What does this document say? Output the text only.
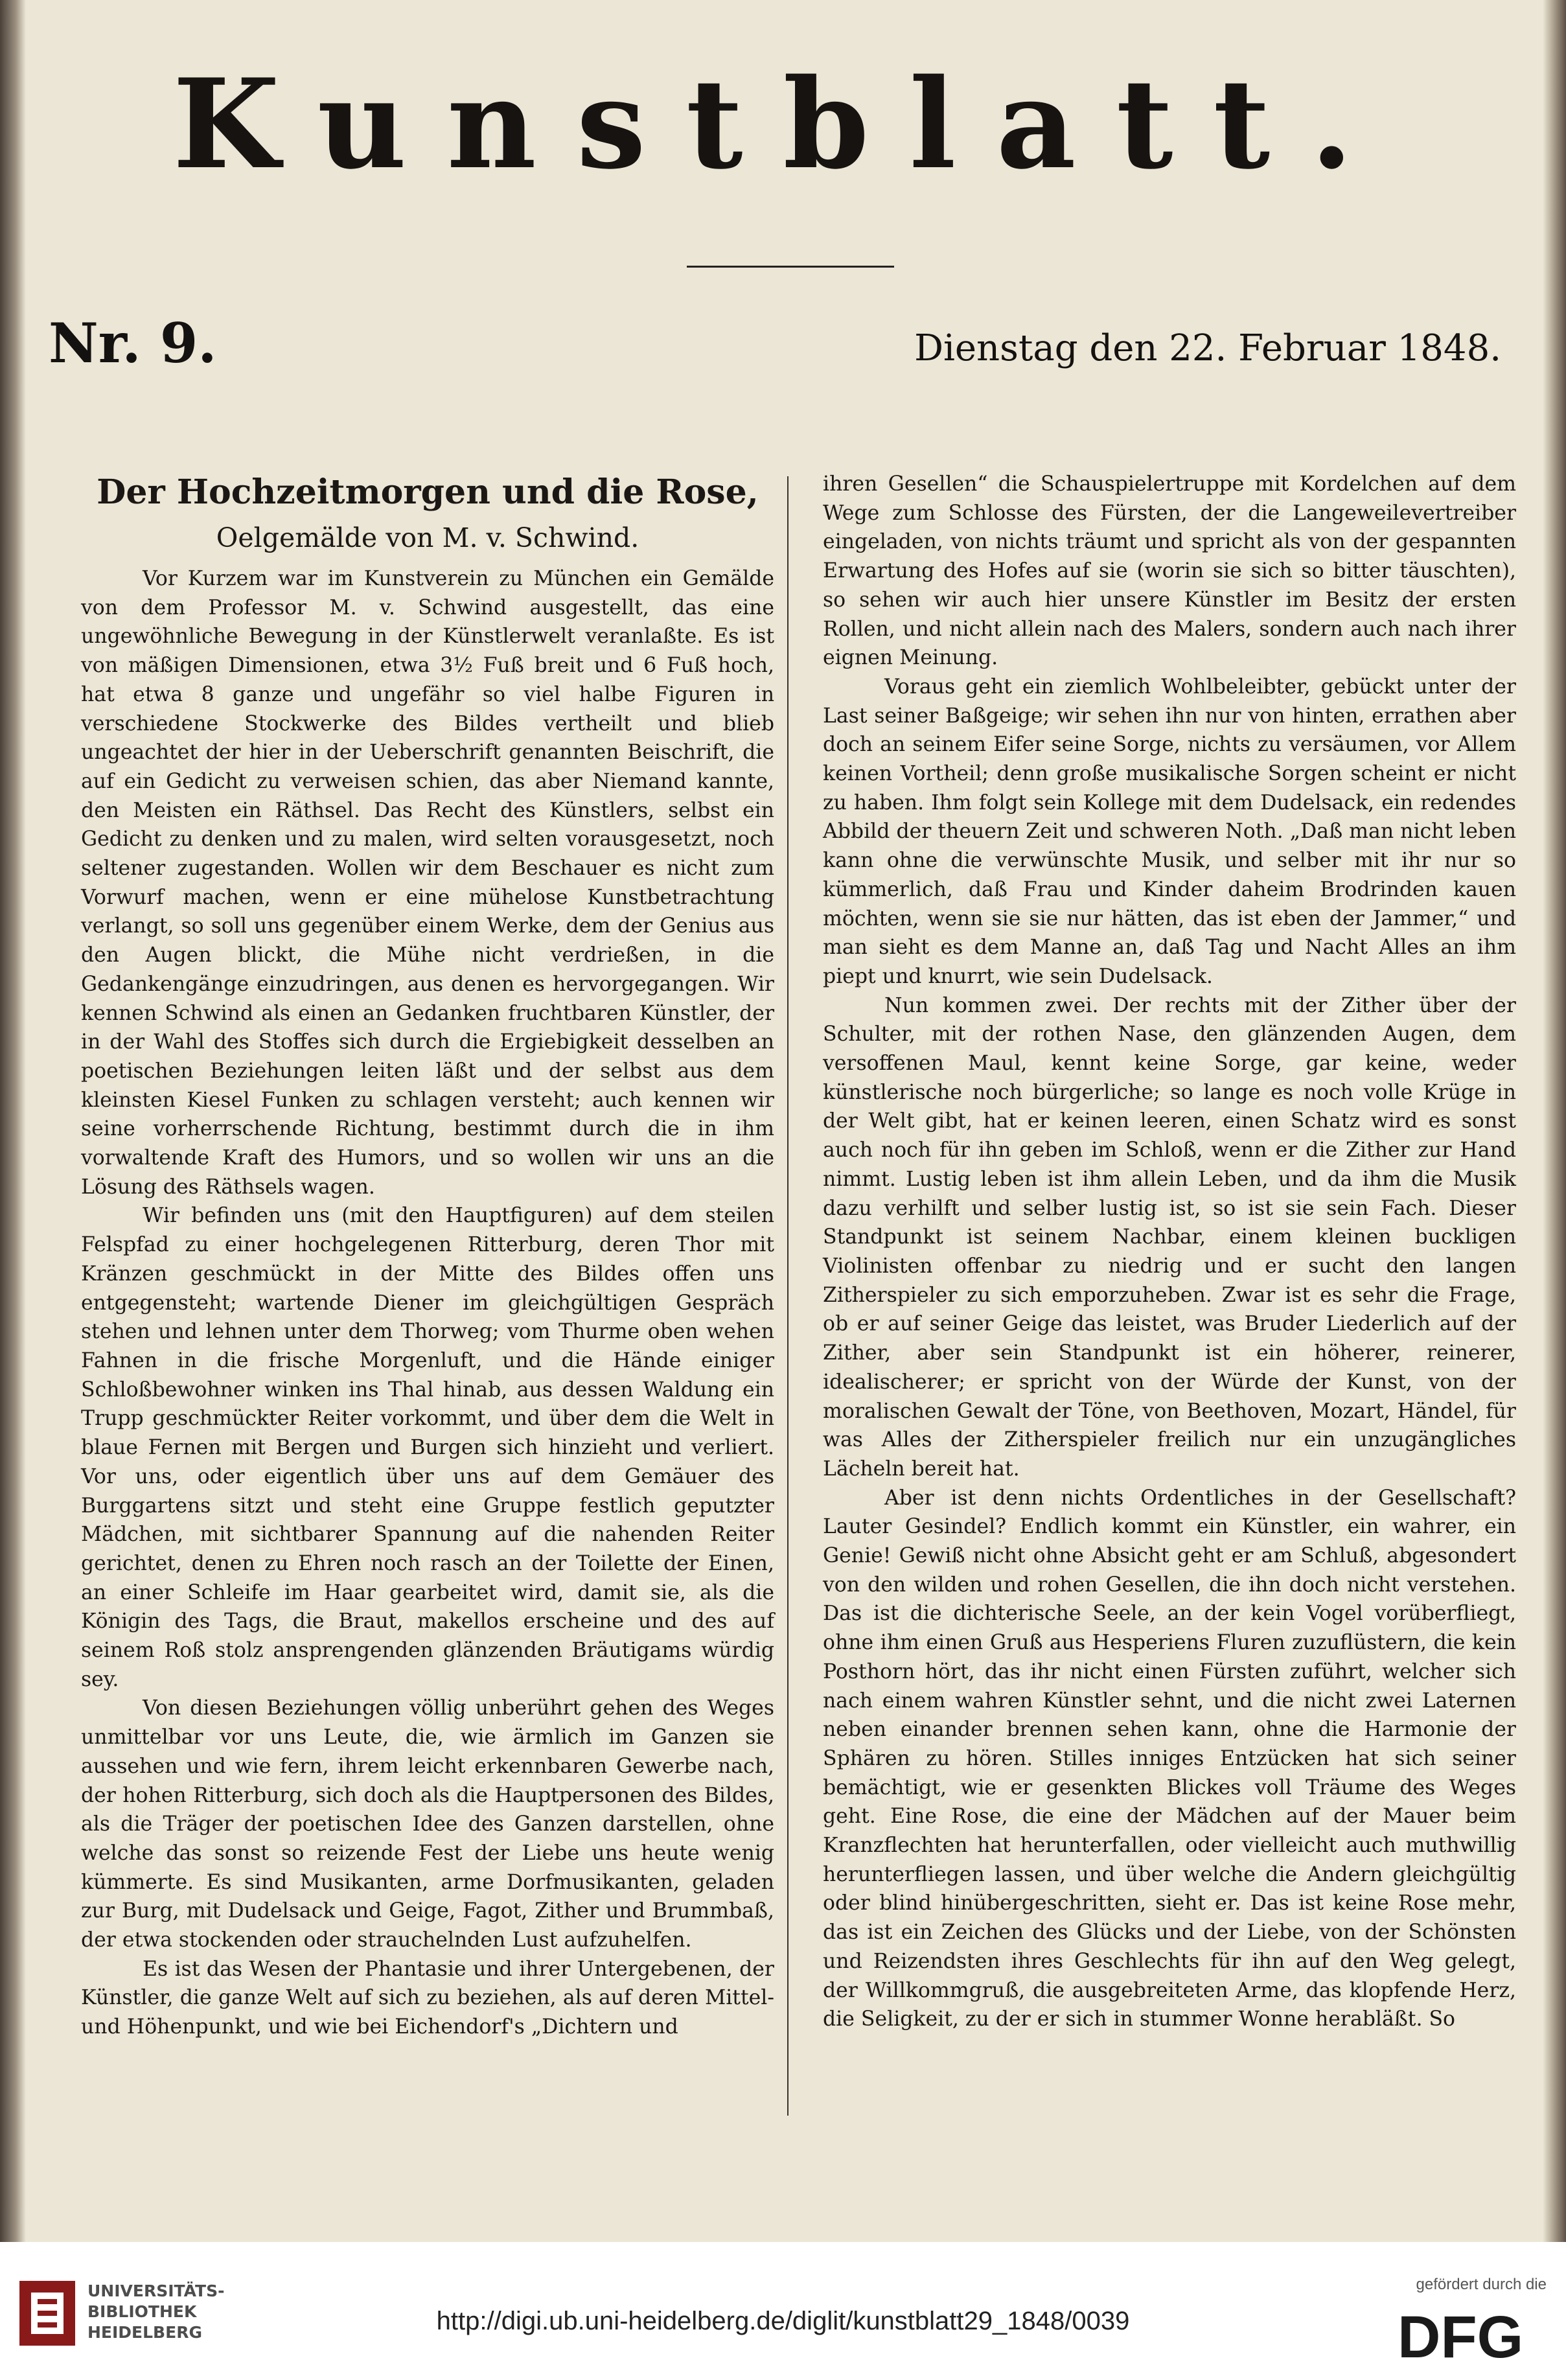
Kunstblatt.
Nr. 9.	Dienstag den 22. Februar 1848.
Der Hochzeitmorgen und die Rose,
Oelgemälde von M. v. Schwind.

Vor Kurzem war im Kunstverein zu München ein Gemälde von dem Professor M. v. Schwind ausgestellt, das eine ungewöhnliche Bewegung in der Künstlerwelt veranlaßte. Es ist von mäßigen Dimensionen, etwa 3½ Fuß breit und 6 Fuß hoch, hat etwa 8 ganze und ungefähr so viel halbe Figuren in verschiedene Stockwerke des Bildes vertheilt und blieb ungeachtet der hier in der Ueberschrift genannten Beischrift, die auf ein Gedicht zu verweisen schien, das aber Niemand kannte, den Meisten ein Räthsel. Das Recht des Künstlers, selbst ein Gedicht zu denken und zu malen, wird selten vorausgesetzt, noch seltener zugestanden. Wollen wir dem Beschauer es nicht zum Vorwurf machen, wenn er eine mühelose Kunstbetrachtung verlangt, so soll uns gegenüber einem Werke, dem der Genius aus den Augen blickt, die Mühe nicht verdrießen, in die Gedankengänge einzudringen, aus denen es hervorgegangen. Wir kennen Schwind als einen an Gedanken fruchtbaren Künstler, der in der Wahl des Stoffes sich durch die Ergiebigkeit desselben an poetischen Beziehungen leiten läßt und der selbst aus dem kleinsten Kiesel Funken zu schlagen versteht; auch kennen wir seine vorherrschende Richtung, bestimmt durch die in ihm vorwaltende Kraft des Humors, und so wollen wir uns an die Lösung des Räthsels wagen.

Wir befinden uns (mit den Hauptfiguren) auf dem steilen Felspfad zu einer hochgelegenen Ritterburg, deren Thor mit Kränzen geschmückt in der Mitte des Bildes offen uns entgegensteht; wartende Diener im gleichgültigen Gespräch stehen und lehnen unter dem Thorweg; vom Thurme oben wehen Fahnen in die frische Morgenluft, und die Hände einiger Schloßbewohner winken ins Thal hinab, aus dessen Waldung ein Trupp geschmückter Reiter vorkommt, und über dem die Welt in blaue Fernen mit Bergen und Burgen sich hinzieht und verliert. Vor uns, oder eigentlich über uns auf dem Gemäuer des Burggartens sitzt und steht eine Gruppe festlich geputzter Mädchen, mit sichtbarer Spannung auf die nahenden Reiter gerichtet, denen zu Ehren noch rasch an der Toilette der Einen, an einer Schleife im Haar gearbeitet wird, damit sie, als die Königin des Tags, die Braut, makellos erscheine und des auf seinem Roß stolz ansprengenden glänzenden Bräutigams würdig sey.

Von diesen Beziehungen völlig unberührt gehen des Weges unmittelbar vor uns Leute, die, wie ärmlich im Ganzen sie aussehen und wie fern, ihrem leicht erkennbaren Gewerbe nach, der hohen Ritterburg, sich doch als die Hauptpersonen des Bildes, als die Träger der poetischen Idee des Ganzen darstellen, ohne welche das sonst so reizende Fest der Liebe uns heute wenig kümmerte. Es sind Musikanten, arme Dorfmusikanten, geladen zur Burg, mit Dudelsack und Geige, Fagot, Zither und Brummbaß, der etwa stockenden oder strauchelnden Lust aufzuhelfen.

Es ist das Wesen der Phantasie und ihrer Untergebenen, der Künstler, die ganze Welt auf sich zu beziehen, als auf deren Mittel- und Höhenpunkt, und wie bei Eichendorf's „Dichtern und

ihren Gesellen“ die Schauspielertruppe mit Kordelchen auf dem Wege zum Schlosse des Fürsten, der die Langeweilevertreiber eingeladen, von nichts träumt und spricht als von der gespannten Erwartung des Hofes auf sie (worin sie sich so bitter täuschten), so sehen wir auch hier unsere Künstler im Besitz der ersten Rollen, und nicht allein nach des Malers, sondern auch nach ihrer eignen Meinung.

Voraus geht ein ziemlich Wohlbeleibter, gebückt unter der Last seiner Baßgeige; wir sehen ihn nur von hinten, errathen aber doch an seinem Eifer seine Sorge, nichts zu versäumen, vor Allem keinen Vortheil; denn große musikalische Sorgen scheint er nicht zu haben. Ihm folgt sein Kollege mit dem Dudelsack, ein redendes Abbild der theuern Zeit und schweren Noth. „Daß man nicht leben kann ohne die verwünschte Musik, und selber mit ihr nur so kümmerlich, daß Frau und Kinder daheim Brodrinden kauen möchten, wenn sie sie nur hätten, das ist eben der Jammer,“ und man sieht es dem Manne an, daß Tag und Nacht Alles an ihm piept und knurrt, wie sein Dudelsack.

Nun kommen zwei. Der rechts mit der Zither über der Schulter, mit der rothen Nase, den glänzenden Augen, dem versoffenen Maul, kennt keine Sorge, gar keine, weder künstlerische noch bürgerliche; so lange es noch volle Krüge in der Welt gibt, hat er keinen leeren, einen Schatz wird es sonst auch noch für ihn geben im Schloß, wenn er die Zither zur Hand nimmt. Lustig leben ist ihm allein Leben, und da ihm die Musik dazu verhilft und selber lustig ist, so ist sie sein Fach. Dieser Standpunkt ist seinem Nachbar, einem kleinen buckligen Violinisten offenbar zu niedrig und er sucht den langen Zitherspieler zu sich emporzuheben. Zwar ist es sehr die Frage, ob er auf seiner Geige das leistet, was Bruder Liederlich auf der Zither, aber sein Standpunkt ist ein höherer, reinerer, idealischerer; er spricht von der Würde der Kunst, von der moralischen Gewalt der Töne, von Beethoven, Mozart, Händel, für was Alles der Zitherspieler freilich nur ein unzugängliches Lächeln bereit hat.

Aber ist denn nichts Ordentliches in der Gesellschaft? Lauter Gesindel? Endlich kommt ein Künstler, ein wahrer, ein Genie! Gewiß nicht ohne Absicht geht er am Schluß, abgesondert von den wilden und rohen Gesellen, die ihn doch nicht verstehen. Das ist die dichterische Seele, an der kein Vogel vorüberfliegt, ohne ihm einen Gruß aus Hesperiens Fluren zuzuflüstern, die kein Posthorn hört, das ihr nicht einen Fürsten zuführt, welcher sich nach einem wahren Künstler sehnt, und die nicht zwei Laternen neben einander brennen sehen kann, ohne die Harmonie der Sphären zu hören. Stilles inniges Entzücken hat sich seiner bemächtigt, wie er gesenkten Blickes voll Träume des Weges geht. Eine Rose, die eine der Mädchen auf der Mauer beim Kranzflechten hat herunterfallen, oder vielleicht auch muthwillig herunterfliegen lassen, und über welche die Andern gleichgültig oder blind hinübergeschritten, sieht er. Das ist keine Rose mehr, das ist ein Zeichen des Glücks und der Liebe, von der Schönsten und Reizendsten ihres Geschlechts für ihn auf den Weg gelegt, der Willkommgruß, die ausgebreiteten Arme, das klopfende Herz, die Seligkeit, zu der er sich in stummer Wonne herabläßt. So

UNIVERSITÄTS-
BIBLIOTHEK
HEIDELBERG	http://digi.ub.uni-heidelberg.de/diglit/kunstblatt29_1848/0039
gefördert durch die
DFG
